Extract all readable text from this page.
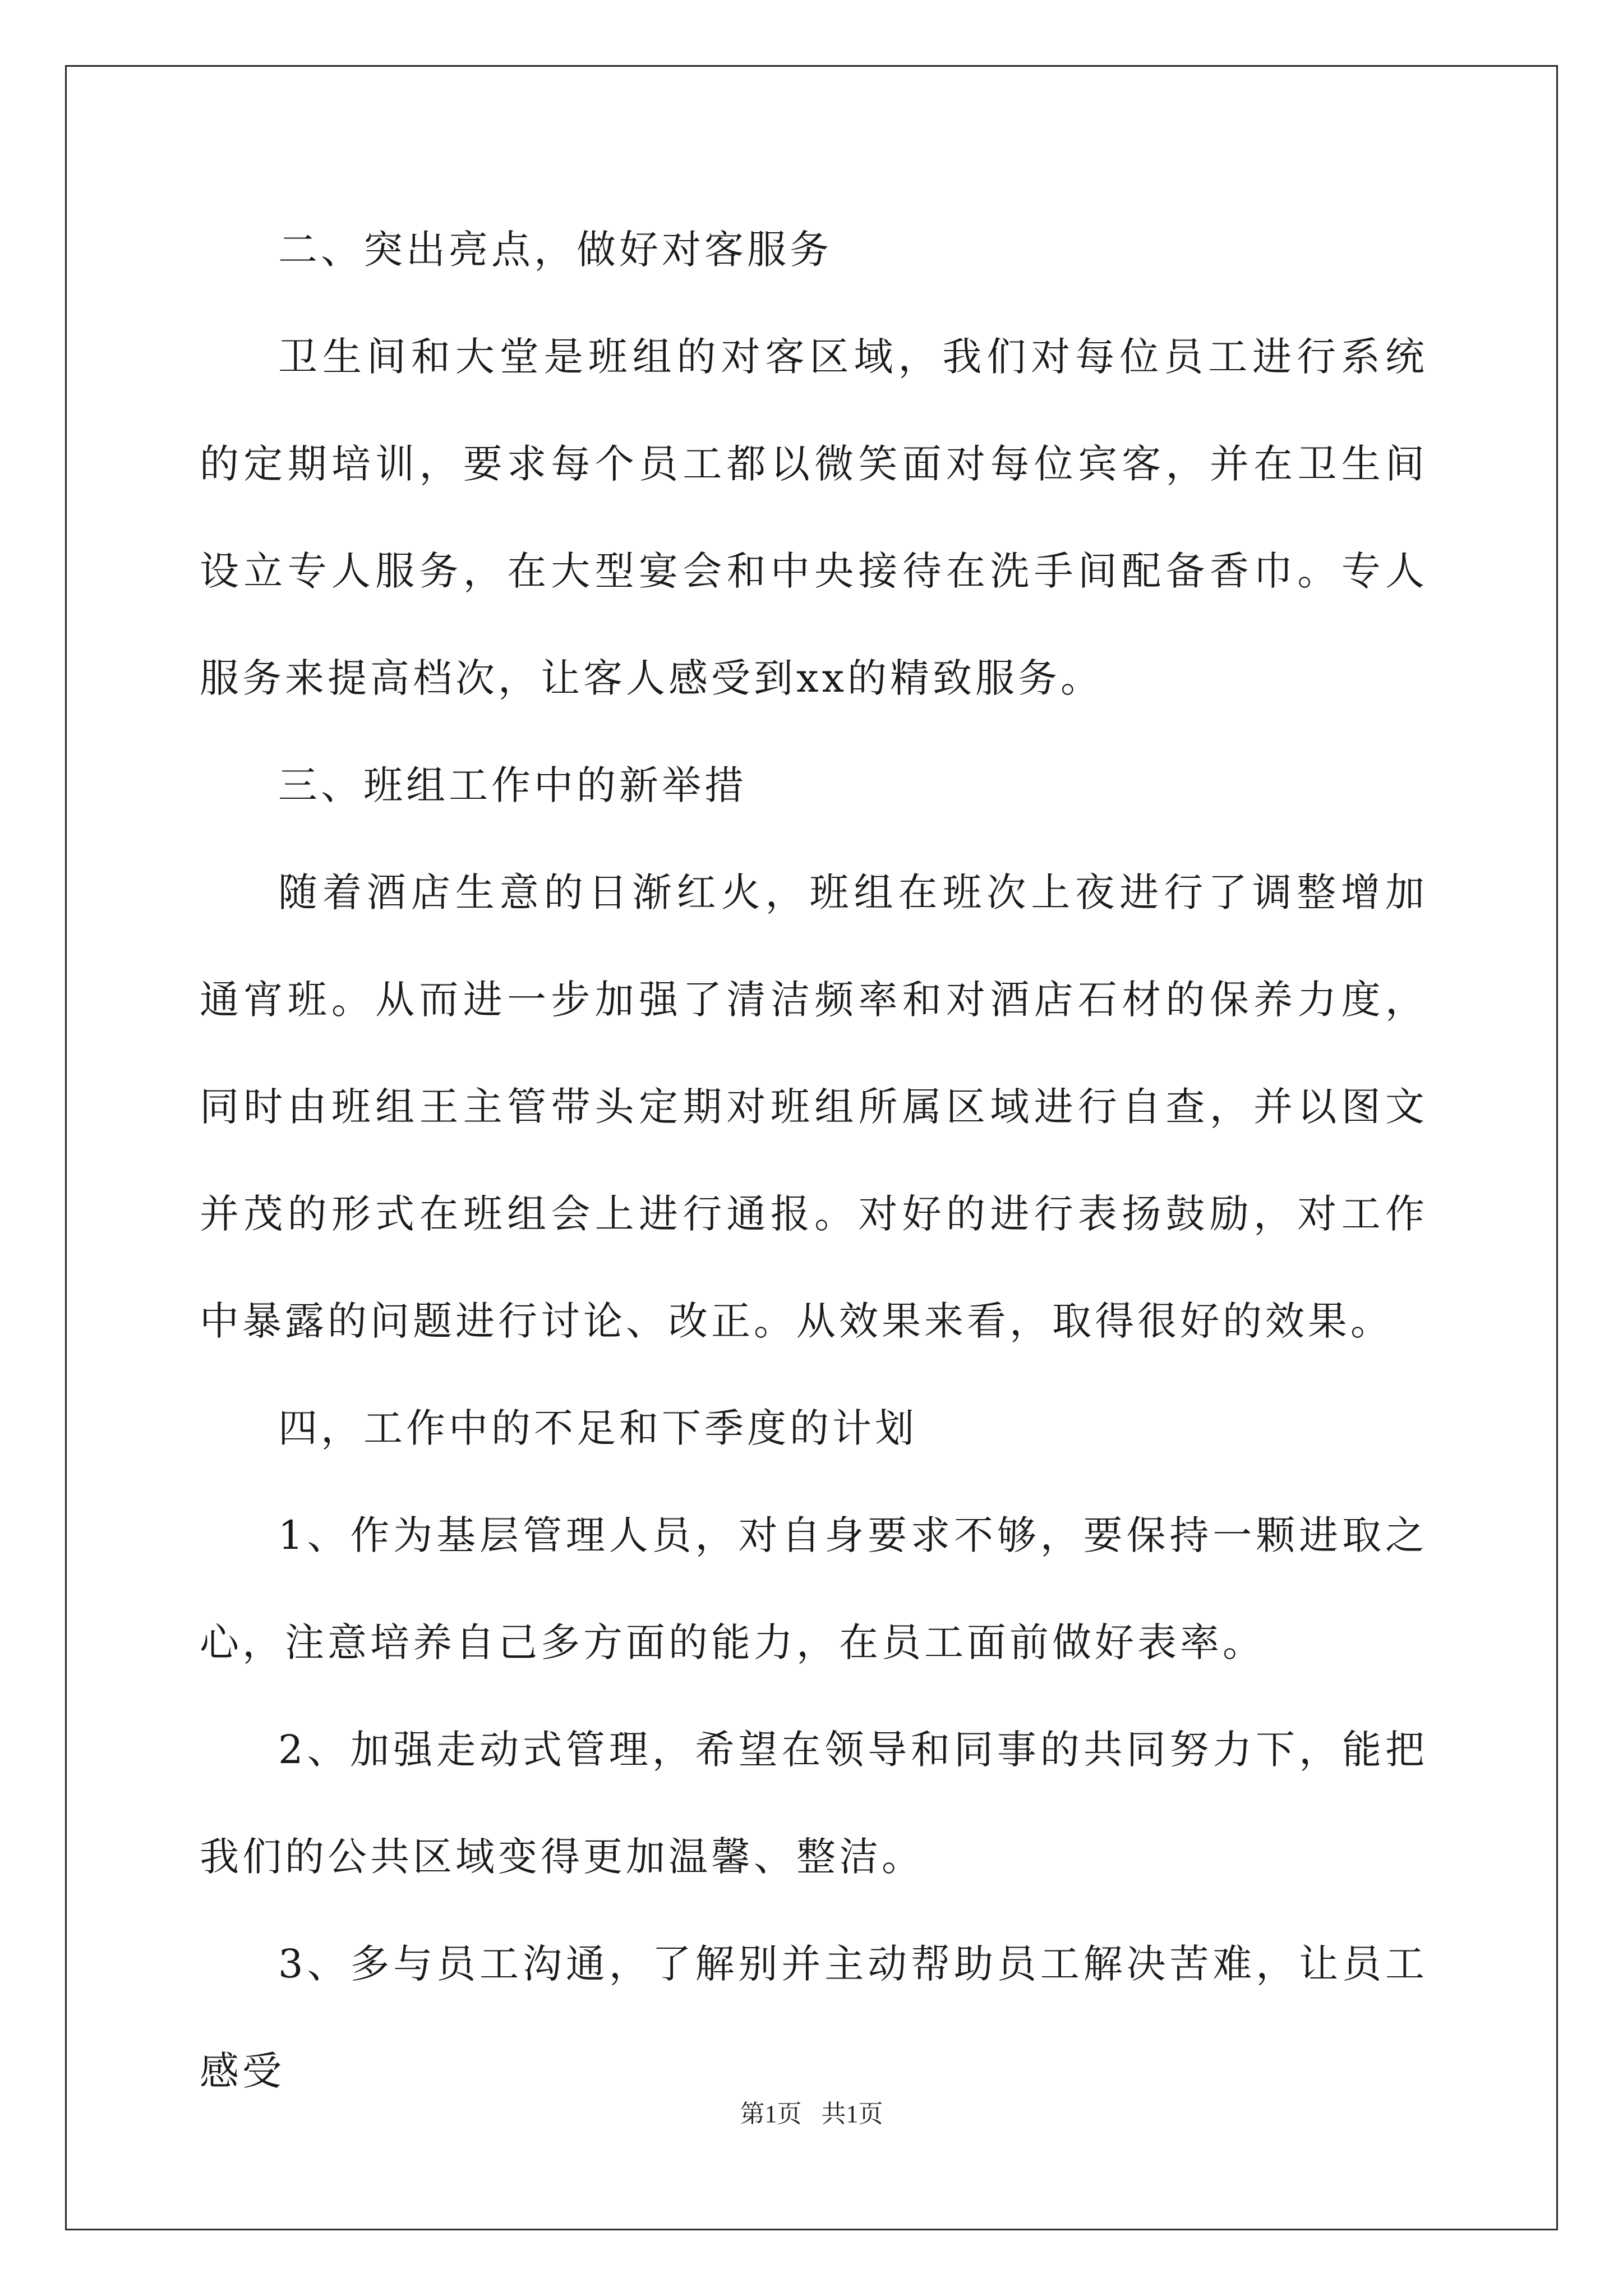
二、突出亮点，做好对客服务

卫生间和大堂是班组的对客区域，我们对每位员工进行系统的定期培训，要求每个员工都以微笑面对每位宾客，并在卫生间设立专人服务，在大型宴会和中央接待在洗手间配备香巾。专人服务来提高档次，让客人感受到xx的精致服务。

三、班组工作中的新举措

随着酒店生意的日渐红火，班组在班次上夜进行了调整增加通宵班。从而进一步加强了清洁频率和对酒店石材的保养力度，同时由班组王主管带头定期对班组所属区域进行自查，并以图文并茂的形式在班组会上进行通报。对好的进行表扬鼓励，对工作中暴露的问题进行讨论、改正。从效果来看，取得很好的效果。

四，工作中的不足和下季度的计划

1、作为基层管理人员，对自身要求不够，要保持一颗进取之心，注意培养自己多方面的能力，在员工面前做好表率。

2、加强走动式管理，希望在领导和同事的共同努力下，能把我们的公共区域变得更加温馨、整洁。

3、多与员工沟通，了解别并主动帮助员工解决苦难，让员工感受

第1页 共1页
